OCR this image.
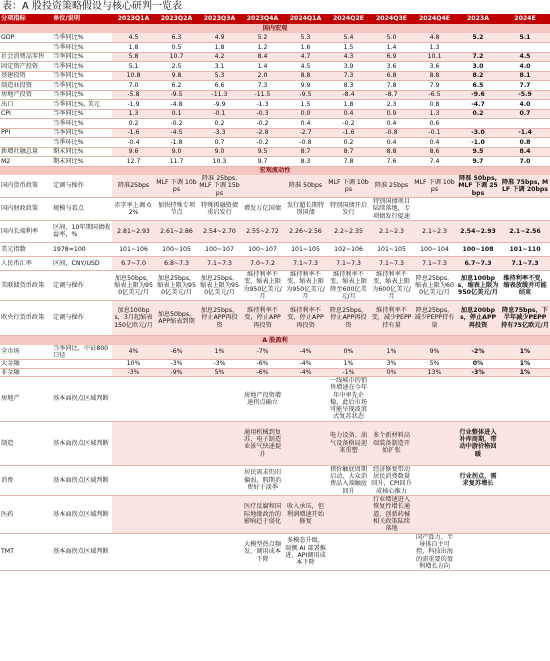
表：A 股投资策略假设与核心研判一览表
分项指标	单位/说明	2023Q1A	2023Q2A	2023Q3A	2023Q4A	2024Q1A	2024Q2E	2024Q3E	2024Q4E	2023A	2024E
国内宏观											
GDP	当季同比%	4.5	6.3	4.9	5.2	5.3	5.4	5.0	4.8	5.2	5.1
	当季环比%	1.8	0.5	1.8	1.2	1.6	1.5	1.4	1.3		
社会消费品零售	当季同比%	5.8	10.7	4.2	8.4	4.7	4.3	6.9	10.1	7.2	4.5
固定资产投资	当季同比%	5.1	2.5	3.1	1.4	4.5	3.9	3.6	3.6	3.0	4.0
基建投资	当季同比%	10.8	9.8	5.3	2.0	8.8	7.3	6.8	8.8	8.2	8.1
制造业投资	当季同比%	7.0	6.2	6.6	7.3	9.9	8.3	7.8	7.9	6.5	7.7
房地产投资	当季同比%	-5.8	-9.5	-11.3	-11.5	-9.5	-8.4	-8.7	-6.5	-9.6	-5.9
出口	当季同比%, 美元	-1.9	-4.8	-9.9	-1.3	1.5	1.8	2.3	0.8	-4.7	4.0
CPI	当季同比%	1.3	0.1	-0.1	-0.3	0.0	0.4	0.9	1.3	0.2	0.7
	当季环比%	0.2	-0.2	0.2	-0.2	0.4	-0.2	0.4	0.6		
PPI	当季同比%	-1.6	-4.5	-3.3	-2.8	-2.7	-1.6	-0.8	-0.1	-3.0	-1.4
	当季环比%	-0.4	-1.8	0.7	-0.2	-0.8	0.2	0.4	0.4	-1.0	0.8
新增社融总量	期末同比%	9.6	9.0	9.0	9.5	8.7	8.7	8.8	8.6	9.5	8.4
M2	期末同比%	12.7	11.7	10.3	9.7	8.3	7.8	7.6	7.4	9.7	7.0
宏观流动性											
国内货币政策	定调与操作	降准25bps	MLF 下调 10bps	降准 25bps, MLF 下调 15bps		降准 50bps	MLF 下调 10bps	降准 25bps	MLF 下调 10bps	降准 50bps, MLF 下调 25bps	降准 75bps, MLF 下调 20bps
国内财政政策	规模与看点	赤字率上调 0.2%	加快特殊专项节点	特殊再融资债重启发行	增发万亿国债	发行超长期特别国债	特别国债开启发行	特别国债项目陆续落地，专项债发行提速			
国内长端利率	区间，10年期国债收益率，%	2.81~2.93	2.61~2.86	2.54~2.70	2.55~2.72	2.26~2.56	2.2~2.35	2.1~2.3	2.1~2.3	2.54~2.93	2.1~2.56
美元指数	1978=100	101~106	100~105	100~107	100~107	101~105	102~106	101~105	100~104	100~108	101~110
人民币汇率	区间，CNY/USD	6.7~7.0	6.8~7.3	7.1~7.3	7.0~7.2	7.1~7.3	7.1~7.3	7.1~7.3	7.1~7.3	6.7~7.3	7.1~7.3
美联储货币政策	定调与操作	加息50bps，缩表上限为950亿美元/月	加息25bps，缩表上限为950亿美元/月	加息25bps，缩表上限为950亿美元/月	维持利率不变，缩表上限为950亿美元/月	维持利率不变，缩表上限为950亿美元/月	维持利率不变，缩表上限降至600亿美元/月	维持利率不变，缩表上限为600亿美元/月	降息25bps，缩表上限为600亿美元/月	加息100bps，缩表上限为950亿美元/月	维持利率不变，缩表放缓并可能结束
欧央行货币政策	定调与操作	加息100bps，3月起缩表150亿欧元/月	加息50bps，APP缩表到期	加息25bps，停止APP再投资	维持利率不变，停止APP再投资	维持利率不变，停止APP再投资	降息25bps，停止APP再投资	维持利率不变，减少PEPP持有量	降息25bps，减少PEPP持有量	加息200bps，停止APP再投资	降息75bps，下半年减少PEPP持有75亿欧元/月
A 股盈利											
全市场	当季同比，中证800口径	4%	-6%	1%	-7%	-4%	0%	1%	9%	-2%	1%
大金融		10%	-3%	-3%	-6%	-4%	1%	3%	5%	0%	1%
非金融		-3%	-9%	5%	-6%	-4%	-1%	0%	13%	-3%	1%
房地产	基本面拐点区域判断				房地产投资增速拐点确立		一线城市的销售增速在今年年中率先企稳，此后市场可能呈现波浪式复苏状态				
制造	基本面拐点区域判断				通用机械到复苏，电子制造业景气快速提升		电力设备、油气设备格局迎来重塑	多个新材料高端装备制造开始扩张		行业整体进入补库周期，带动中游价格回暖	
消费	基本面拐点区域判断				居民需求仍旧偏弱，假期消费好于淡季		猪价触底周期启动，大众消费品入端触底回升	经济修复带动居民消费数量回升，CPI回升成核心推力		行业拐点，需求复苏增长	
医药	基本面拐点区域判断				医疗反腐和国际地缘政治的影响趋于弱化	收入承压，但利润增速开始修复		行业增速进入恢复性增长通道，创新药械相关政策陆续落地			
TMT	基本面拐点区域判断				大模型热点频发，调用成本下降	多模态升级，端侧 AI 部署推进，API调用成本下降			国产算力、半导体自主可控，科技出海的需重要的盈利增长方向		
